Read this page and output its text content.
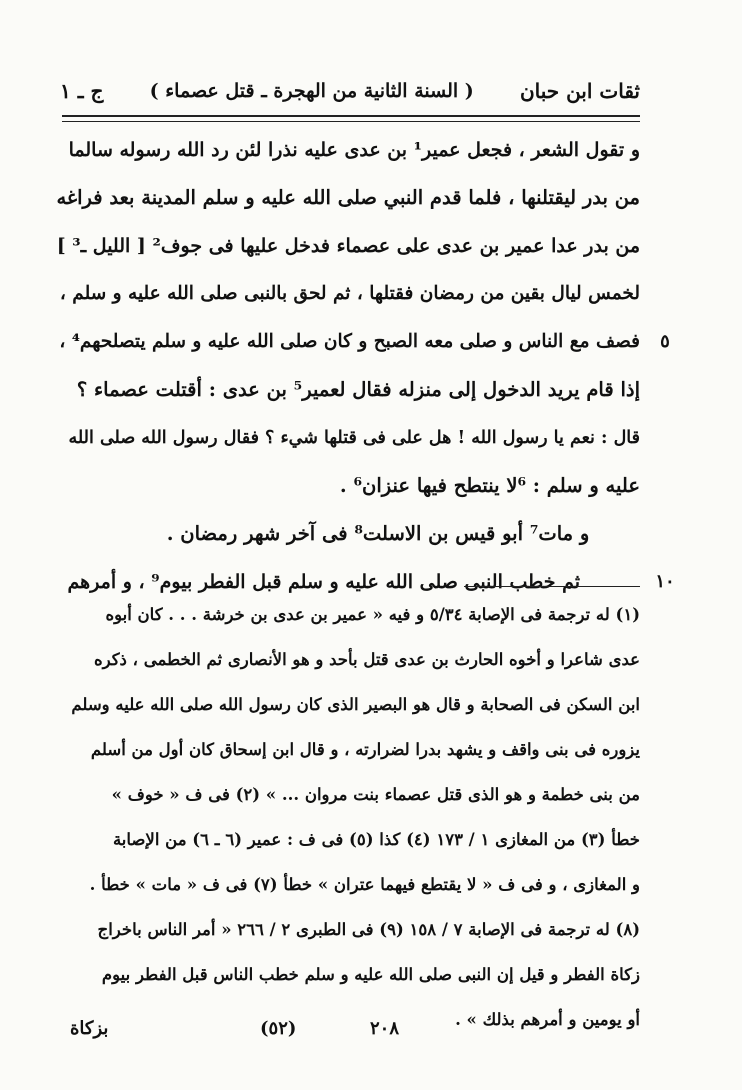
ثقات ابن حبان
( السنة الثانية من الهجرة ـ قتل عصماء )
ج ـ ١
و تقول الشعر ، فجعل عمير¹ بن عدى عليه نذرا لئن رد الله رسوله سالما
من بدر ليقتلنها ، فلما قدم النبي صلى الله عليه و سلم المدينة بعد فراغه
من بدر عدا عمير بن عدى على عصماء فدخل عليها فى جوف² [ الليل ـ³ ]
لخمس ليال بقين من رمضان فقتلها ، ثم لحق بالنبى صلى الله عليه و سلم ،
٥
فصف مع الناس و صلى معه الصبح و كان صلى الله عليه و سلم يتصلحهم⁴ ،
إذا قام يريد الدخول إلى منزله فقال لعمير⁵ بن عدى : أقتلت عصماء ؟
قال : نعم يا رسول الله ! هل على فى قتلها شيء ؟ فقال رسول الله صلى الله
عليه و سلم : ⁶لا ينتطح فيها عنزان⁶ .
و مات⁷ أبو قيس بن الاسلت⁸ فى آخر شهر رمضان .
١٠
ثم خطب النبى صلى الله عليه و سلم قبل الفطر بيوم⁹ ، و أمرهم
(١) له ترجمة فى الإصابة ٥/٣٤ و فيه « عمير بن عدى بن خرشة . . . كان أبوه
عدى شاعرا و أخوه الحارث بن عدى قتل بأحد و هو الأنصارى ثم الخطمى ، ذكره
ابن السكن فى الصحابة و قال هو البصير الذى كان رسول الله صلى الله عليه وسلم
يزوره فى بنى واقف و يشهد بدرا لضرارته ، و قال ابن إسحاق كان أول من أسلم
من بنى خطمة و هو الذى قتل عصماء بنت مروان ... » (٢) فى ف « خوف »
خطأ (٣) من المغازى ١ / ١٧٣ (٤) كذا (٥) فى ف : عمير (٦ ـ ٦) من الإصابة
و المغازى ، و فى ف « لا يقتطع فيهما عتران » خطأ (٧) فى ف « مات » خطأ .
(٨) له ترجمة فى الإصابة ٧ / ١٥٨ (٩) فى الطبرى ٢ / ٢٦٦ « أمر الناس باخراج
زكاة الفطر و قيل إن النبى صلى الله عليه و سلم خطب الناس قبل الفطر بيوم
أو يومين و أمرهم بذلك » .
٢٠٨
(٥٢)
بزكاة
